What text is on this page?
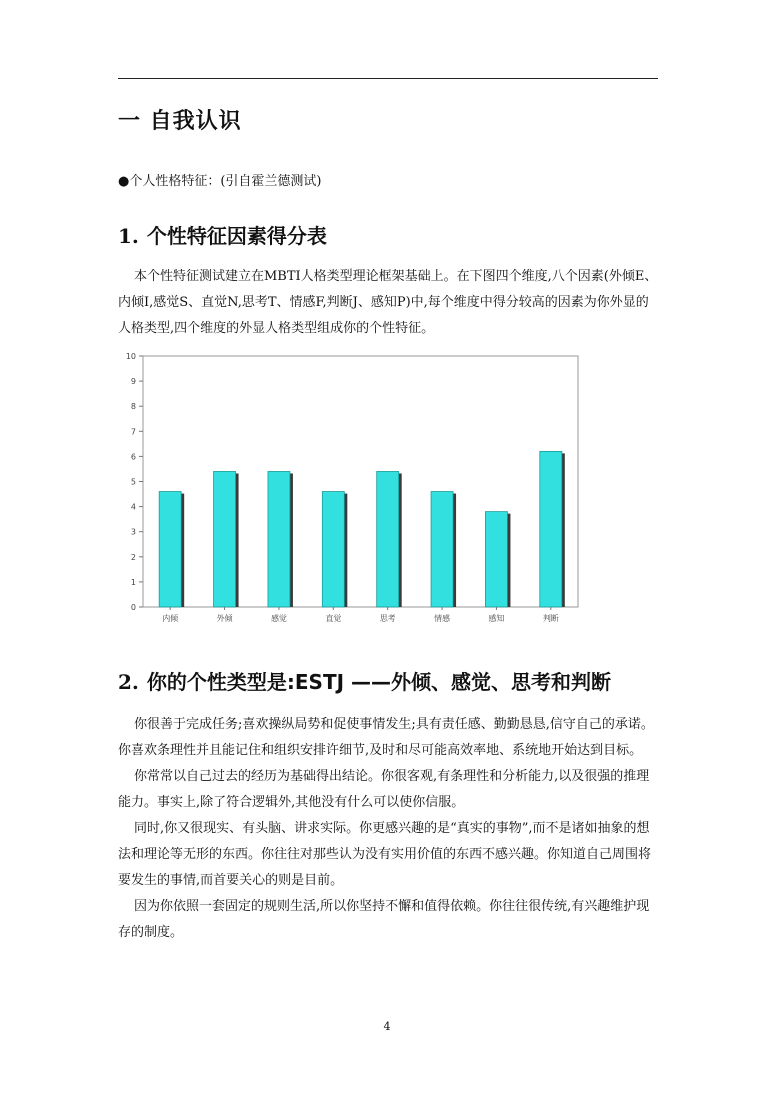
一 自我认识
●个人性格特征：(引自霍兰德测试)
1. 个性特征因素得分表

本个性特征测试建立在MBTI人格类型理论框架基础上。在下图四个维度,八个因素(外倾E、内倾I,感觉S、直觉N,思考T、情感F,判断J、感知P)中,每个维度中得分较高的因素为你外显的人格类型,四个维度的外显人格类型组成你的个性特征。

0
1
2
3
4
5
6
7
8
9
10
内倾	外倾	感觉	直觉	思考	情感	感知	判断
2. 你的个性类型是:ESTJ ——外倾、感觉、思考和判断

你很善于完成任务;喜欢操纵局势和促使事情发生;具有责任感、勤勤恳恳,信守自己的承诺。你喜欢条理性并且能记住和组织安排许细节,及时和尽可能高效率地、系统地开始达到目标。

你常常以自己过去的经历为基础得出结论。你很客观,有条理性和分析能力,以及很强的推理能力。事实上,除了符合逻辑外,其他没有什么可以使你信服。

同时,你又很现实、有头脑、讲求实际。你更感兴趣的是“真实的事物”,而不是诸如抽象的想法和理论等无形的东西。你往往对那些认为没有实用价值的东西不感兴趣。你知道自己周围将要发生的事情,而首要关心的则是目前。

因为你依照一套固定的规则生活,所以你坚持不懈和值得依赖。你往往很传统,有兴趣维护现存的制度。

4
